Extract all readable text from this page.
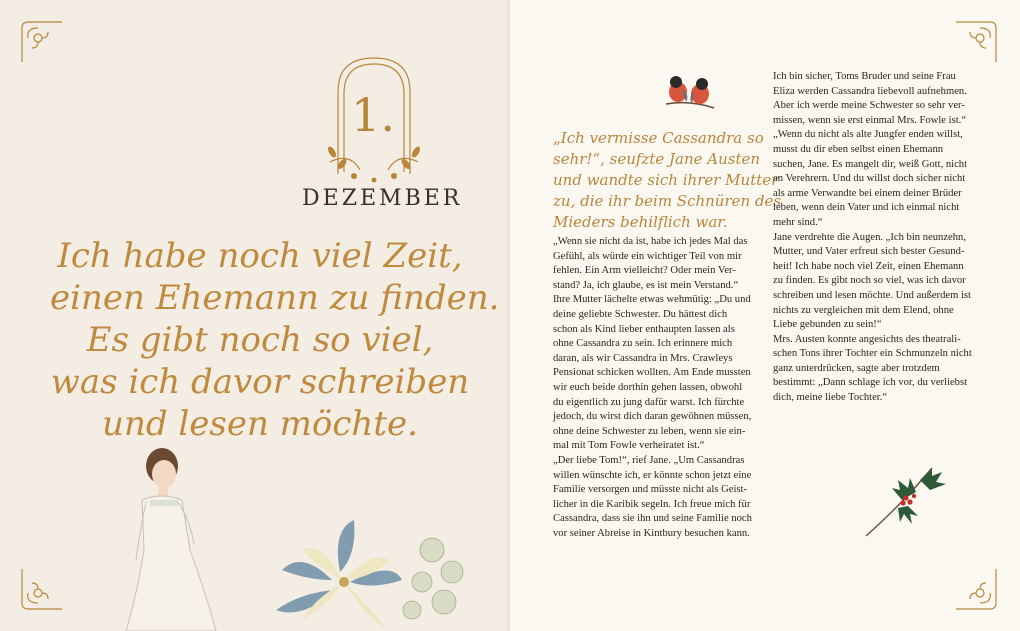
1.
DEZEMBER
Ich habe noch viel Zeit,
einen Ehemann zu finden.
Es gibt noch so viel,
was ich davor schreiben
und lesen möchte.
„Ich vermisse Cassandra so
sehr!“, seufzte Jane Austen
und wandte sich ihrer Mutter
zu, die ihr beim Schnüren des
Mieders behilflich war.
„Wenn sie nicht da ist, habe ich jedes Mal das
Gefühl, als würde ein wichtiger Teil von mir
fehlen. Ein Arm vielleicht? Oder mein Ver-
stand? Ja, ich glaube, es ist mein Verstand.“
Ihre Mutter lächelte etwas wehmütig: „Du und
deine geliebte Schwester. Du hättest dich
schon als Kind lieber enthaupten lassen als
ohne Cassandra zu sein. Ich erinnere mich
daran, als wir Cassandra in Mrs. Crawleys
Pensionat schicken wollten. Am Ende mussten
wir euch beide dorthin gehen lassen, obwohl
du eigentlich zu jung dafür warst. Ich fürchte
jedoch, du wirst dich daran gewöhnen müssen,
ohne deine Schwester zu leben, wenn sie ein-
mal mit Tom Fowle verheiratet ist.“
„Der liebe Tom!“, rief Jane. „Um Cassandras
willen wünschte ich, er könnte schon jetzt eine
Familie versorgen und müsste nicht als Geist-
licher in die Karibik segeln. Ich freue mich für
Cassandra, dass sie ihn und seine Familie noch
vor seiner Abreise in Kintbury besuchen kann.
Ich bin sicher, Toms Bruder und seine Frau
Eliza werden Cassandra liebevoll aufnehmen.
Aber ich werde meine Schwester so sehr ver-
missen, wenn sie erst einmal Mrs. Fowle ist.“
„Wenn du nicht als alte Jungfer enden willst,
musst du dir eben selbst einen Ehemann
suchen, Jane. Es mangelt dir, weiß Gott, nicht
an Verehrern. Und du willst doch sicher nicht
als arme Verwandte bei einem deiner Brüder
leben, wenn dein Vater und ich einmal nicht
mehr sind.“
Jane verdrehte die Augen. „Ich bin neunzehn,
Mutter, und Vater erfreut sich bester Gesund-
heit! Ich habe noch viel Zeit, einen Ehemann
zu finden. Es gibt noch so viel, was ich davor
schreiben und lesen möchte. Und außerdem ist
nichts zu vergleichen mit dem Elend, ohne
Liebe gebunden zu sein!“
Mrs. Austen konnte angesichts des theatrali-
schen Tons ihrer Tochter ein Schmunzeln nicht
ganz unterdrücken, sagte aber trotzdem
bestimmt: „Dann schlage ich vor, du verliebst
dich, meine liebe Tochter.“
